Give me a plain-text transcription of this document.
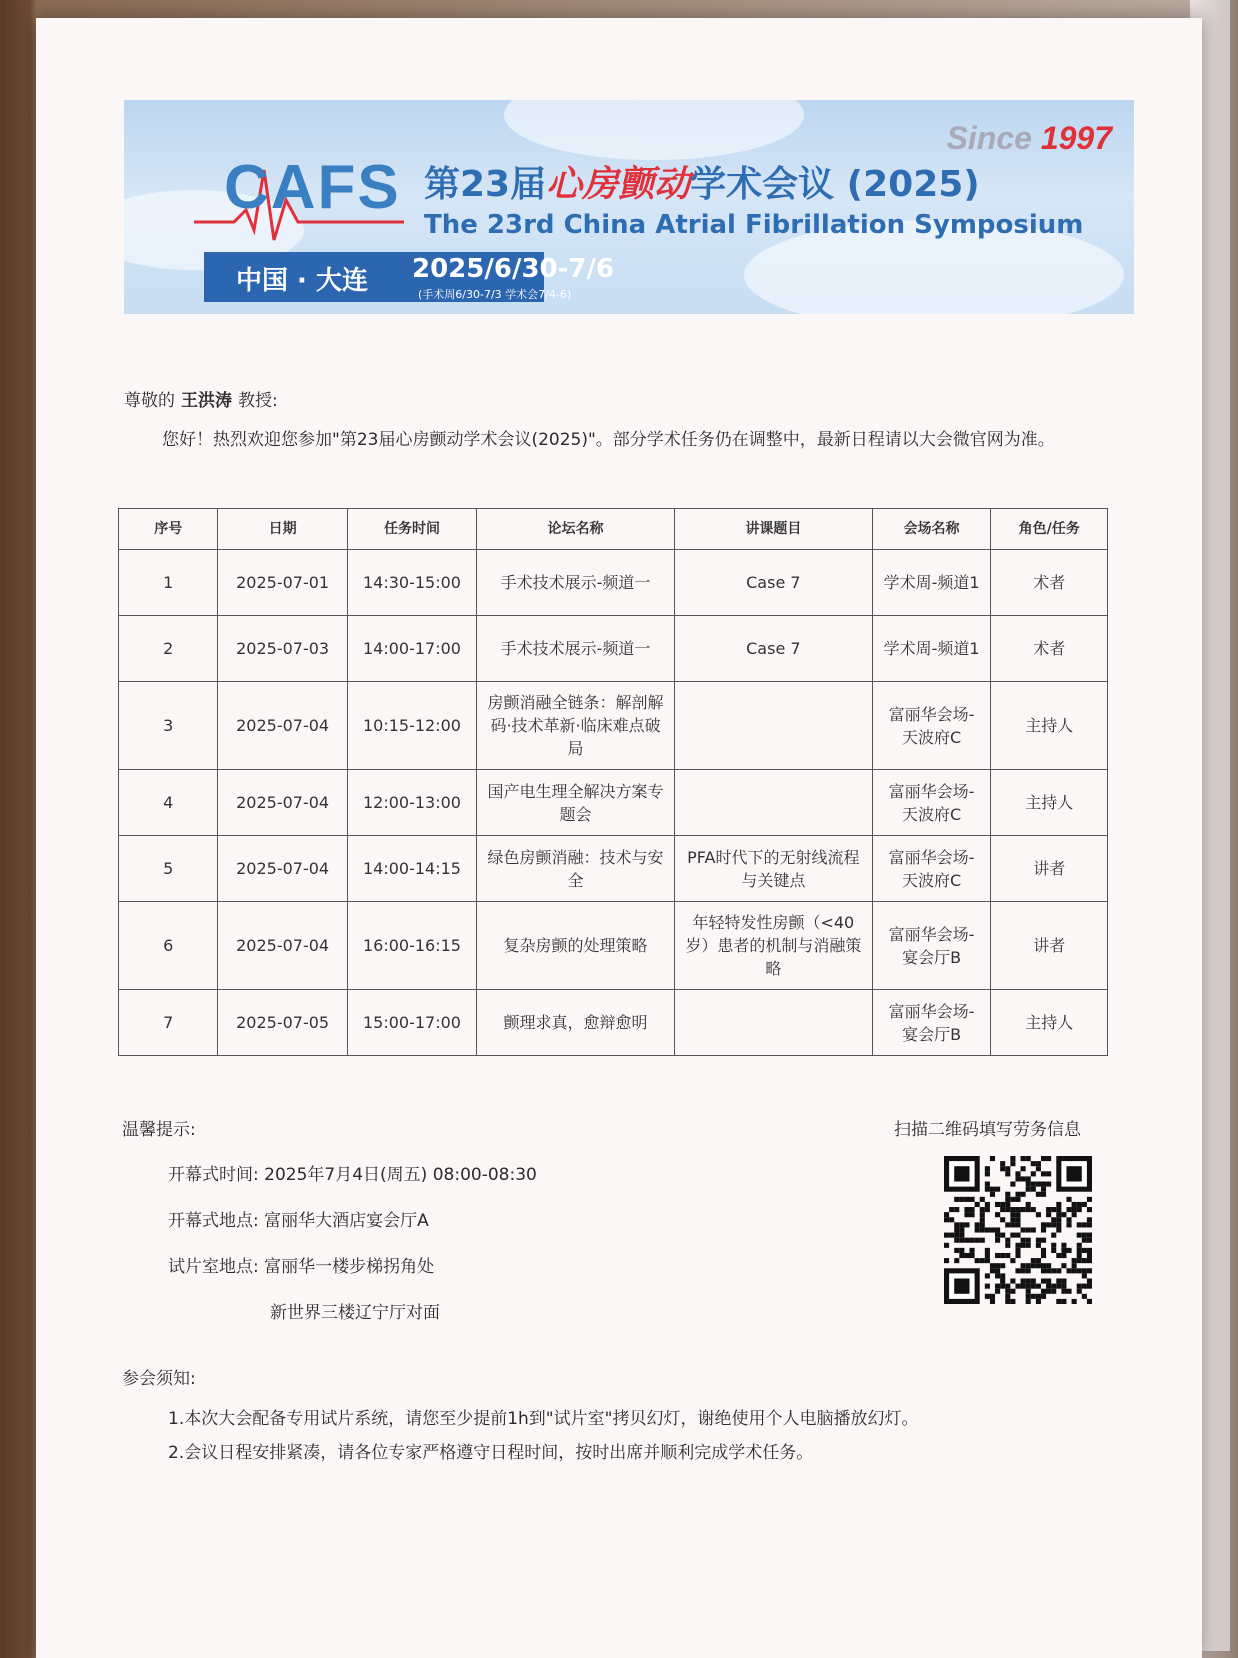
CAFS
Since 1997
第23届心房颤动学术会议 (2025)
The 23rd China Atrial Fibrillation Symposium
中国 · 大连 2025/6/30-7/6
(手术周6/30-7/3 学术会7/4-6)
尊敬的 王洪涛 教授:
您好！热烈欢迎您参加"第23届心房颤动学术会议(2025)"。部分学术任务仍在调整中，最新日程请以大会微官网为准。
序号	日期	任务时间	论坛名称	讲课题目	会场名称	角色/任务
1	2025-07-01	14:30-15:00	手术技术展示-频道一	Case 7	学术周-频道1	术者
2	2025-07-03	14:00-17:00	手术技术展示-频道一	Case 7	学术周-频道1	术者
3	2025-07-04	10:15-12:00	房颤消融全链条：解剖解码·技术革新·临床难点破局		富丽华会场-天波府C	主持人
4	2025-07-04	12:00-13:00	国产电生理全解决方案专题会		富丽华会场-天波府C	主持人
5	2025-07-04	14:00-14:15	绿色房颤消融：技术与安全	PFA时代下的无射线流程与关键点	富丽华会场-天波府C	讲者
6	2025-07-04	16:00-16:15	复杂房颤的处理策略	年轻特发性房颤（<40岁）患者的机制与消融策略	富丽华会场-宴会厅B	讲者
7	2025-07-05	15:00-17:00	颤理求真，愈辩愈明		富丽华会场-宴会厅B	主持人
温馨提示:	扫描二维码填写劳务信息
开幕式时间: 2025年7月4日(周五) 08:00-08:30
开幕式地点: 富丽华大酒店宴会厅A
试片室地点: 富丽华一楼步梯拐角处
新世界三楼辽宁厅对面
参会须知:
1.本次大会配备专用试片系统，请您至少提前1h到"试片室"拷贝幻灯，谢绝使用个人电脑播放幻灯。
2.会议日程安排紧凑，请各位专家严格遵守日程时间，按时出席并顺利完成学术任务。
